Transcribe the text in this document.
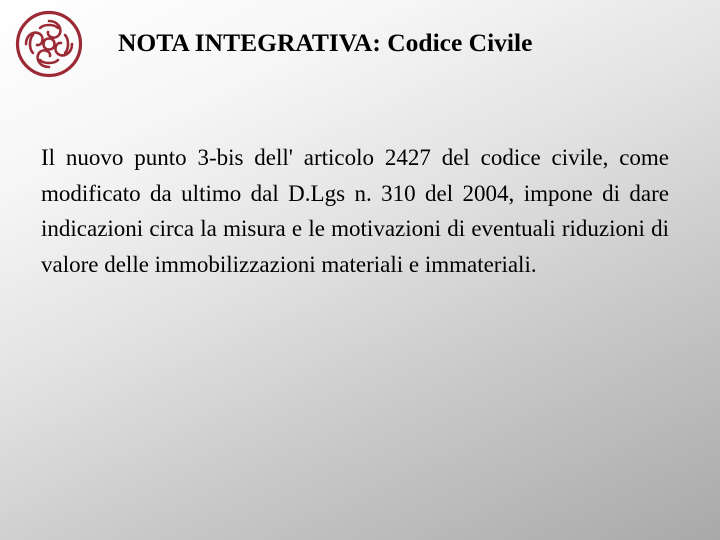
NOTA INTEGRATIVA: Codice Civile

Il nuovo punto 3-bis dell' articolo 2427 del codice civile, come modificato da ultimo dal D.Lgs n. 310 del 2004, impone di dare indicazioni circa la misura e le motivazioni di eventuali riduzioni di valore delle immobilizzazioni materiali e immateriali.
